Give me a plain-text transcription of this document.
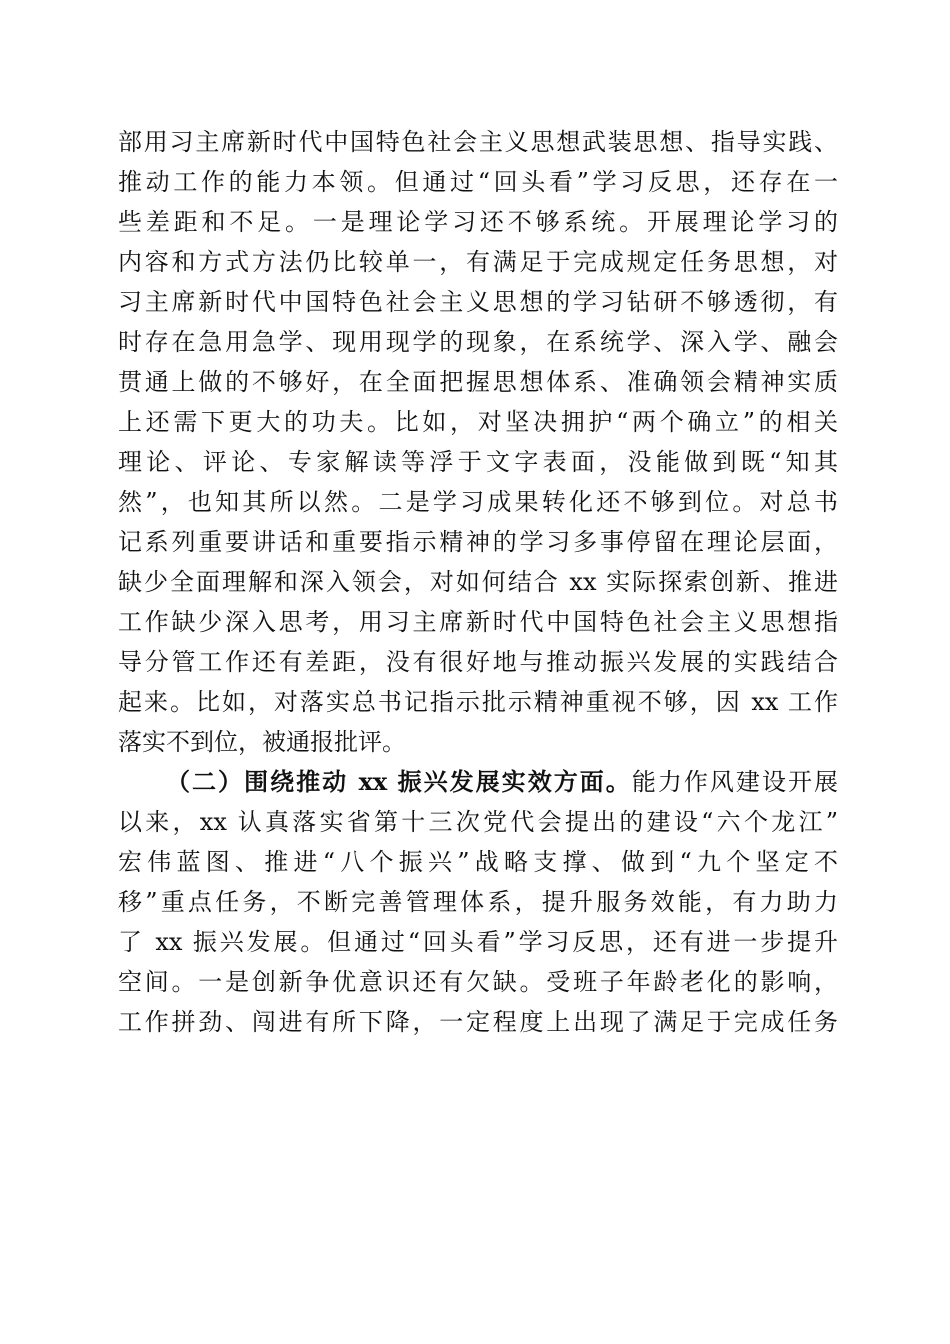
部用习主席新时代中国特色社会主义思想武装思想、指导实践、
推动工作的能力本领。但通过“回头看”学习反思，还存在一
些差距和不足。一是理论学习还不够系统。开展理论学习的
内容和方式方法仍比较单一，有满足于完成规定任务思想，对
习主席新时代中国特色社会主义思想的学习钻研不够透彻，有
时存在急用急学、现用现学的现象，在系统学、深入学、融会
贯通上做的不够好，在全面把握思想体系、准确领会精神实质
上还需下更大的功夫。比如，对坚决拥护“两个确立”的相关
理论、评论、专家解读等浮于文字表面，没能做到既“知其
然”，也知其所以然。二是学习成果转化还不够到位。对总书
记系列重要讲话和重要指示精神的学习多事停留在理论层面，
缺少全面理解和深入领会，对如何结合 xx 实际探索创新、推进
工作缺少深入思考，用习主席新时代中国特色社会主义思想指
导分管工作还有差距，没有很好地与推动振兴发展的实践结合
起来。比如，对落实总书记指示批示精神重视不够，因 xx 工作
落实不到位，被通报批评。
（二）围绕推动 xx 振兴发展实效方面。能力作风建设开展
以来，xx 认真落实省第十三次党代会提出的建设“六个龙江”
宏伟蓝图、推进“八个振兴”战略支撑、做到“九个坚定不
移”重点任务，不断完善管理体系，提升服务效能，有力助力
了 xx 振兴发展。但通过“回头看”学习反思，还有进一步提升
空间。一是创新争优意识还有欠缺。受班子年龄老化的影响，
工作拼劲、闯进有所下降，一定程度上出现了满足于完成任务
